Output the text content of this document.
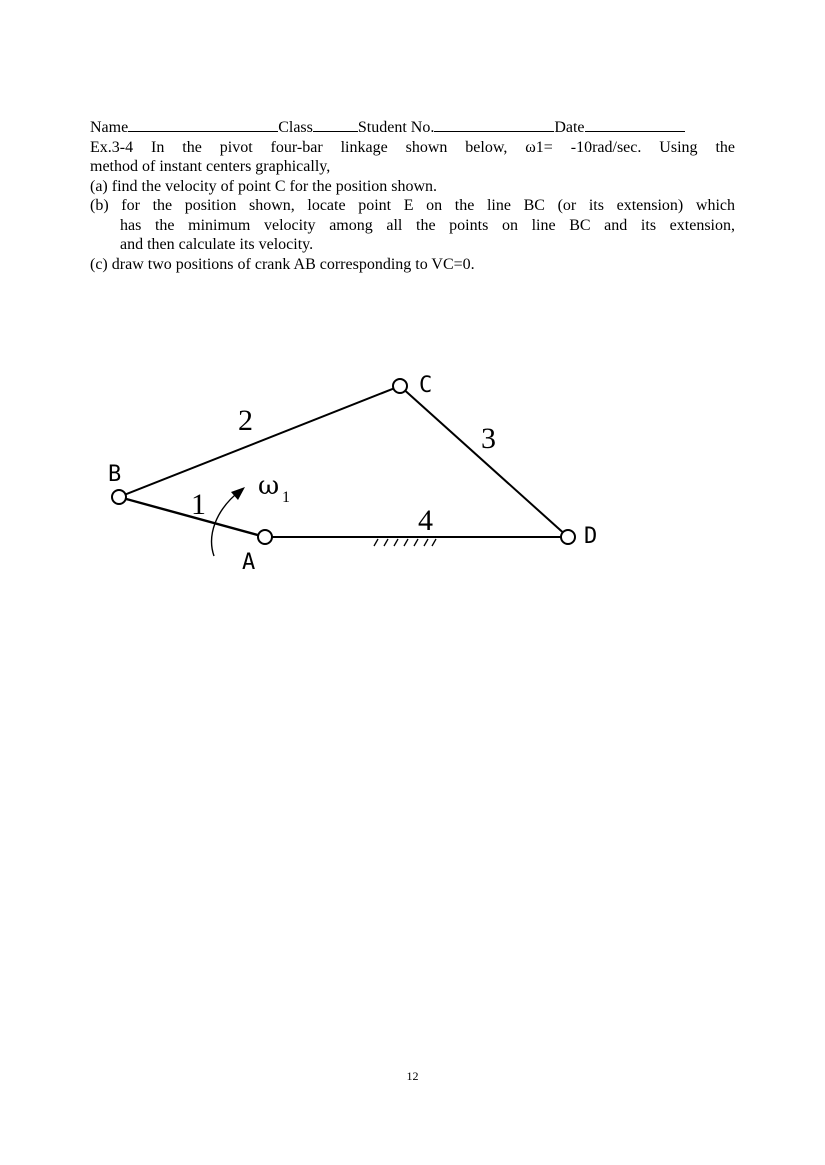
Name	Class	Student No.	Date
Ex.3-4 In the pivot four-bar linkage shown below, ω1= -10rad/sec. Using the
method of instant centers graphically,
(a) find the velocity of point C for the position shown.
(b) for the position shown, locate point E on the line BC (or its extension) which
has the minimum velocity among all the points on line BC and its extension,
and then calculate its velocity.
(c) draw two positions of crank AB corresponding to VC=0.
B
C
A
D
1
2
3
4
ω 1
12
